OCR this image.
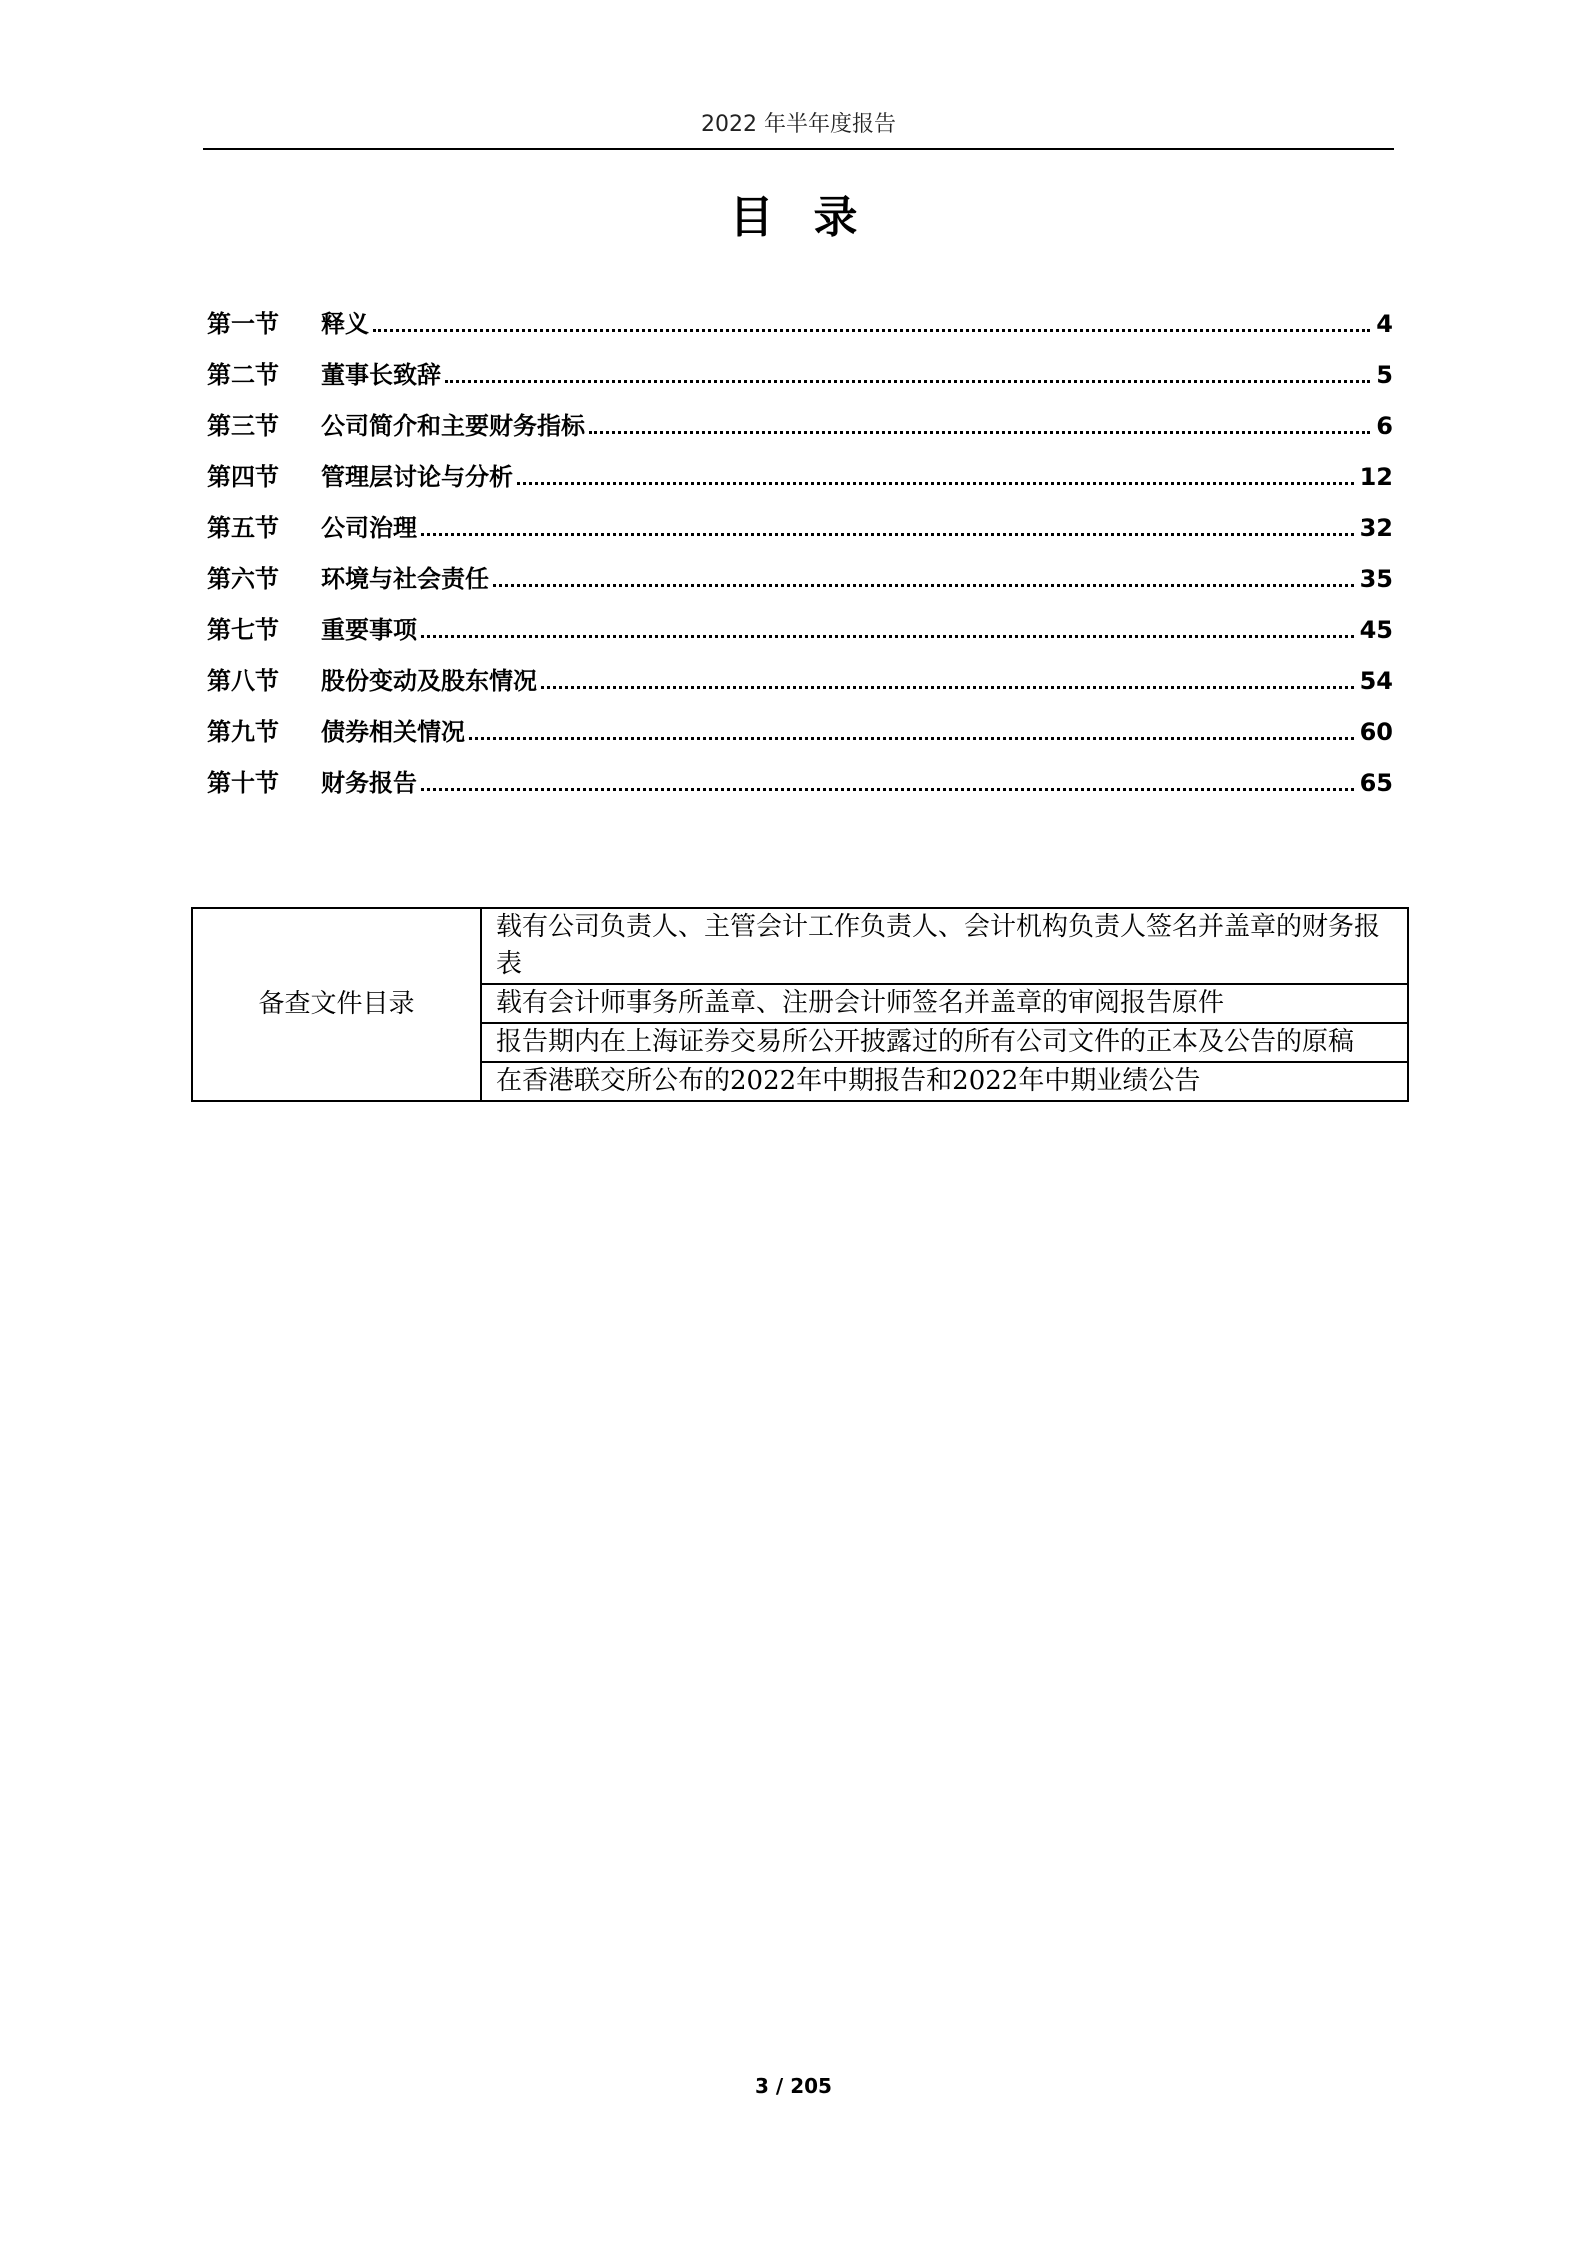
2022 年半年度报告
目录
第一节	释义	4
第二节	董事长致辞	5
第三节	公司简介和主要财务指标	6
第四节	管理层讨论与分析	12
第五节	公司治理	32
第六节	环境与社会责任	35
第七节	重要事项	45
第八节	股份变动及股东情况	54
第九节	债券相关情况	60
第十节	财务报告	65
备查文件目录	载有公司负责人、主管会计工作负责人、会计机构负责人签名并盖章的财务报表
载有会计师事务所盖章、注册会计师签名并盖章的审阅报告原件
报告期内在上海证券交易所公开披露过的所有公司文件的正本及公告的原稿
在香港联交所公布的2022年中期报告和2022年中期业绩公告
3 / 205
